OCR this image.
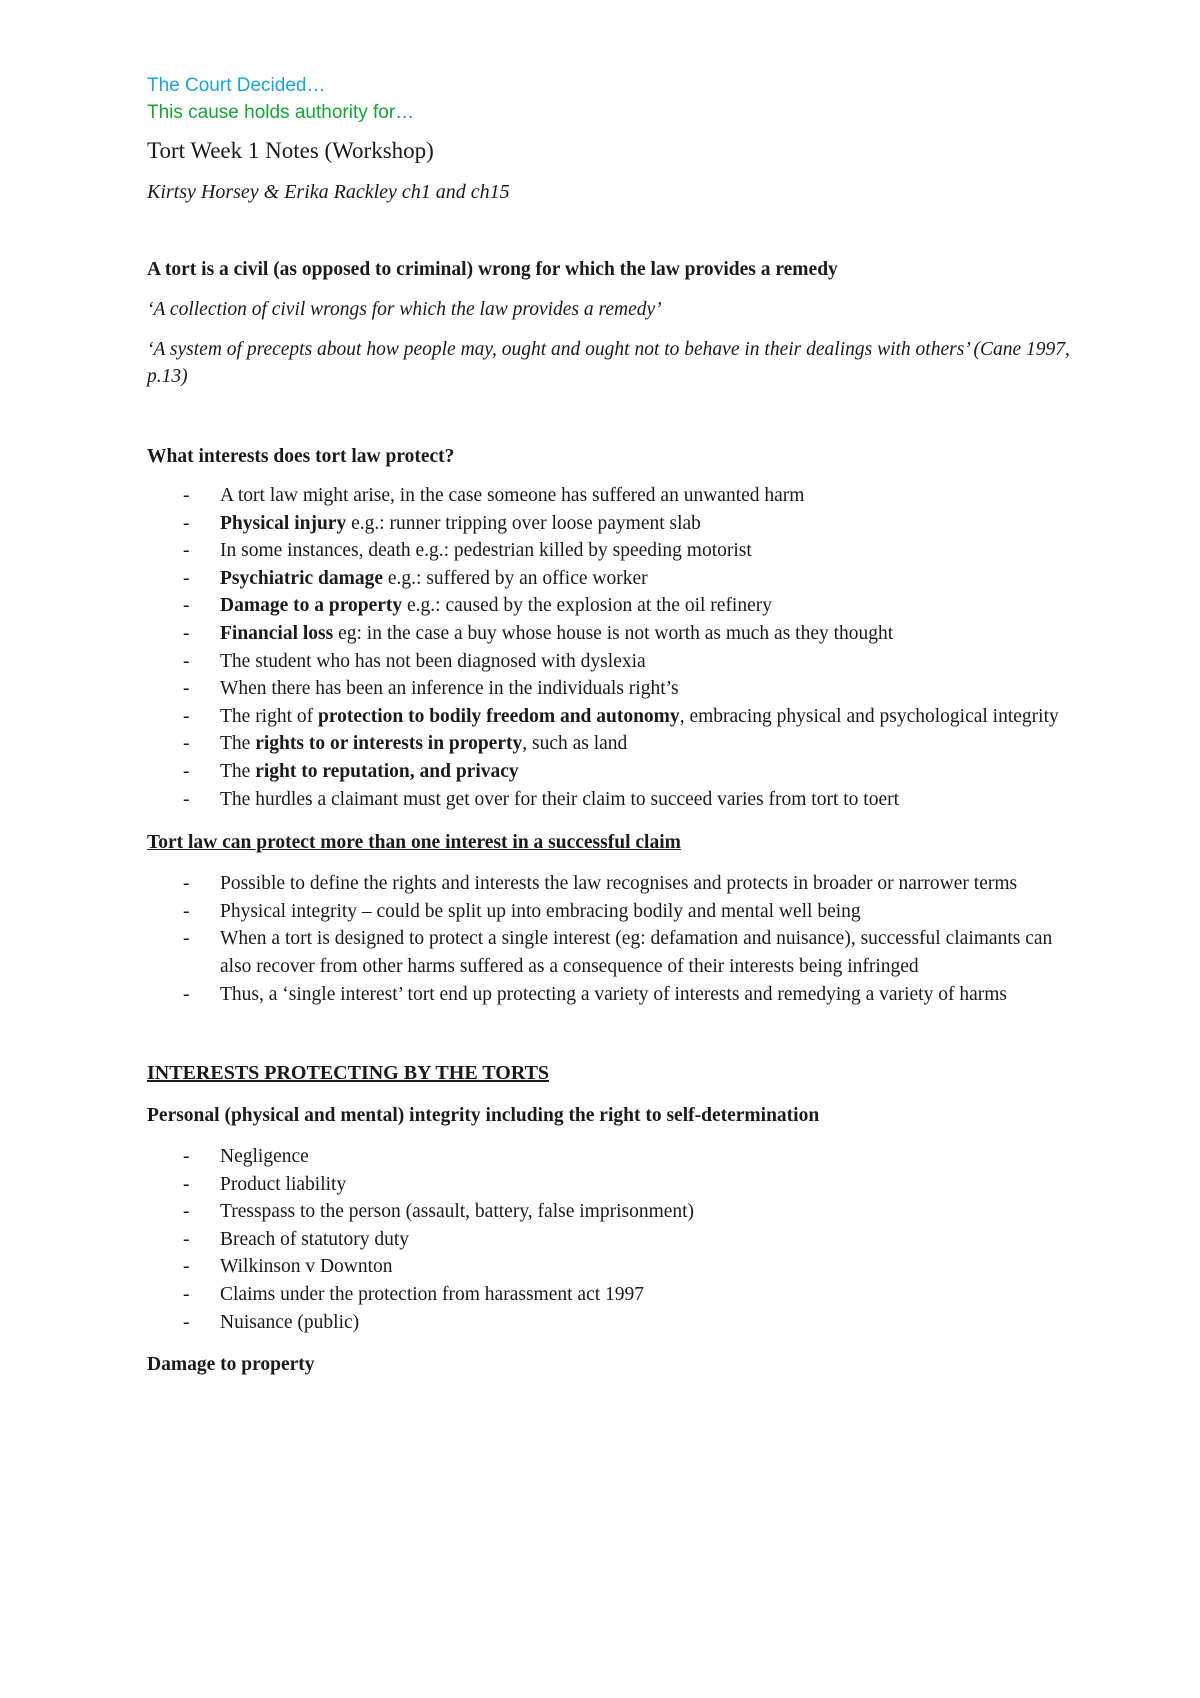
The Court Decided…
This cause holds authority for…
Tort Week 1 Notes (Workshop)
Kirtsy Horsey & Erika Rackley ch1 and ch15
A tort is a civil (as opposed to criminal) wrong for which the law provides a remedy
‘A collection of civil wrongs for which the law provides a remedy’
‘A system of precepts about how people may, ought and ought not to behave in their dealings with others’ (Cane 1997, p.13)
What interests does tort law protect?
- A tort law might arise, in the case someone has suffered an unwanted harm
- Physical injury e.g.: runner tripping over loose payment slab
- In some instances, death e.g.: pedestrian killed by speeding motorist
- Psychiatric damage e.g.: suffered by an office worker
- Damage to a property e.g.: caused by the explosion at the oil refinery
- Financial loss eg: in the case a buy whose house is not worth as much as they thought
- The student who has not been diagnosed with dyslexia
- When there has been an inference in the individuals right’s
- The right of protection to bodily freedom and autonomy, embracing physical and psychological integrity
- The rights to or interests in property, such as land
- The right to reputation, and privacy
- The hurdles a claimant must get over for their claim to succeed varies from tort to toert
Tort law can protect more than one interest in a successful claim
- Possible to define the rights and interests the law recognises and protects in broader or narrower terms
- Physical integrity – could be split up into embracing bodily and mental well being
- When a tort is designed to protect a single interest (eg: defamation and nuisance), successful claimants can also recover from other harms suffered as a consequence of their interests being infringed
- Thus, a ‘single interest’ tort end up protecting a variety of interests and remedying a variety of harms
INTERESTS PROTECTING BY THE TORTS
Personal (physical and mental) integrity including the right to self-determination
- Negligence
- Product liability
- Tresspass to the person (assault, battery, false imprisonment)
- Breach of statutory duty
- Wilkinson v Downton
- Claims under the protection from harassment act 1997
- Nuisance (public)
Damage to property
